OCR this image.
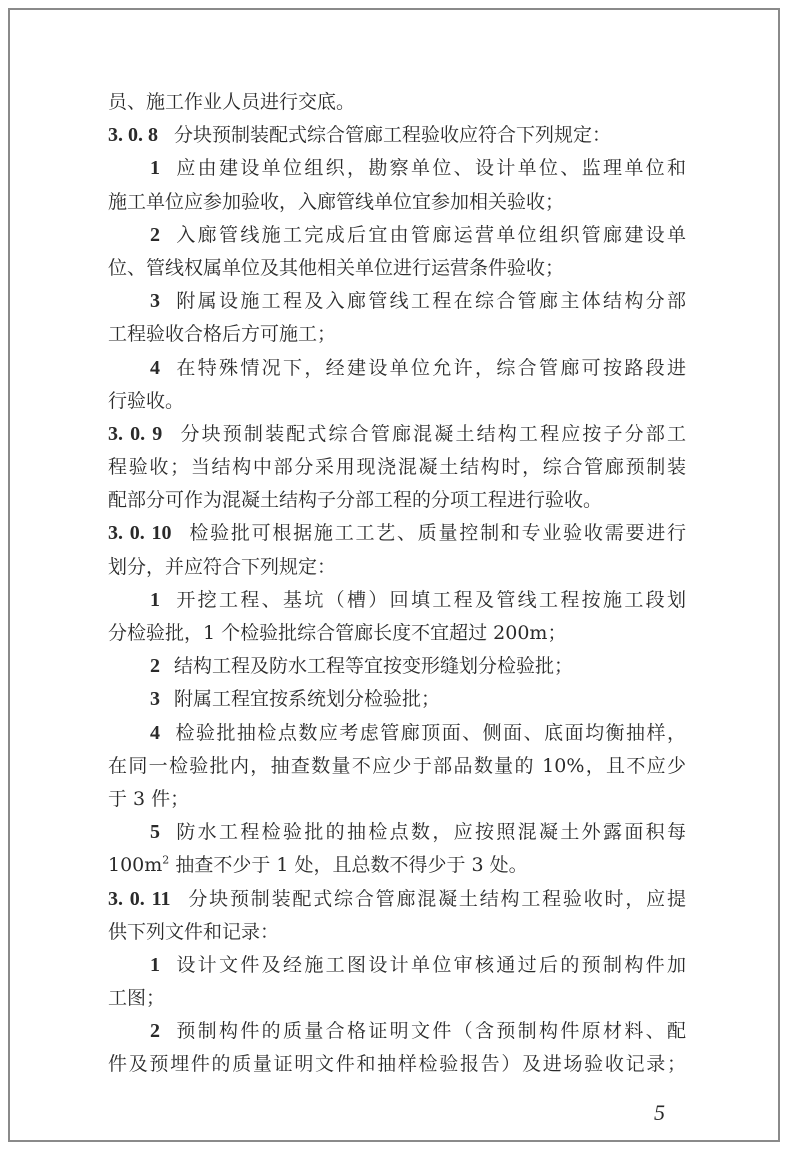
员、施工作业人员进行交底。
3. 0. 8 分块预制装配式综合管廊工程验收应符合下列规定：
1 应由建设单位组织，勘察单位、设计单位、监理单位和
施工单位应参加验收，入廊管线单位宜参加相关验收；
2 入廊管线施工完成后宜由管廊运营单位组织管廊建设单
位、管线权属单位及其他相关单位进行运营条件验收；
3 附属设施工程及入廊管线工程在综合管廊主体结构分部
工程验收合格后方可施工；
4 在特殊情况下，经建设单位允许，综合管廊可按路段进
行验收。
3. 0. 9 分块预制装配式综合管廊混凝土结构工程应按子分部工
程验收；当结构中部分采用现浇混凝土结构时，综合管廊预制装
配部分可作为混凝土结构子分部工程的分项工程进行验收。
3. 0. 10 检验批可根据施工工艺、质量控制和专业验收需要进行
划分，并应符合下列规定：
1 开挖工程、基坑（槽）回填工程及管线工程按施工段划
分检验批，1 个检验批综合管廊长度不宜超过 200m；
2 结构工程及防水工程等宜按变形缝划分检验批；
3 附属工程宜按系统划分检验批；
4 检验批抽检点数应考虑管廊顶面、侧面、底面均衡抽样，
在同一检验批内，抽查数量不应少于部品数量的 10%，且不应少
于 3 件；
5 防水工程检验批的抽检点数，应按照混凝土外露面积每
$100m^2$ 抽查不少于 1 处，且总数不得少于 3 处。
3. 0. 11 分块预制装配式综合管廊混凝土结构工程验收时，应提
供下列文件和记录：
1 设计文件及经施工图设计单位审核通过后的预制构件加
工图；
2 预制构件的质量合格证明文件（含预制构件原材料、配
件及预埋件的质量证明文件和抽样检验报告）及进场验收记录；
5
